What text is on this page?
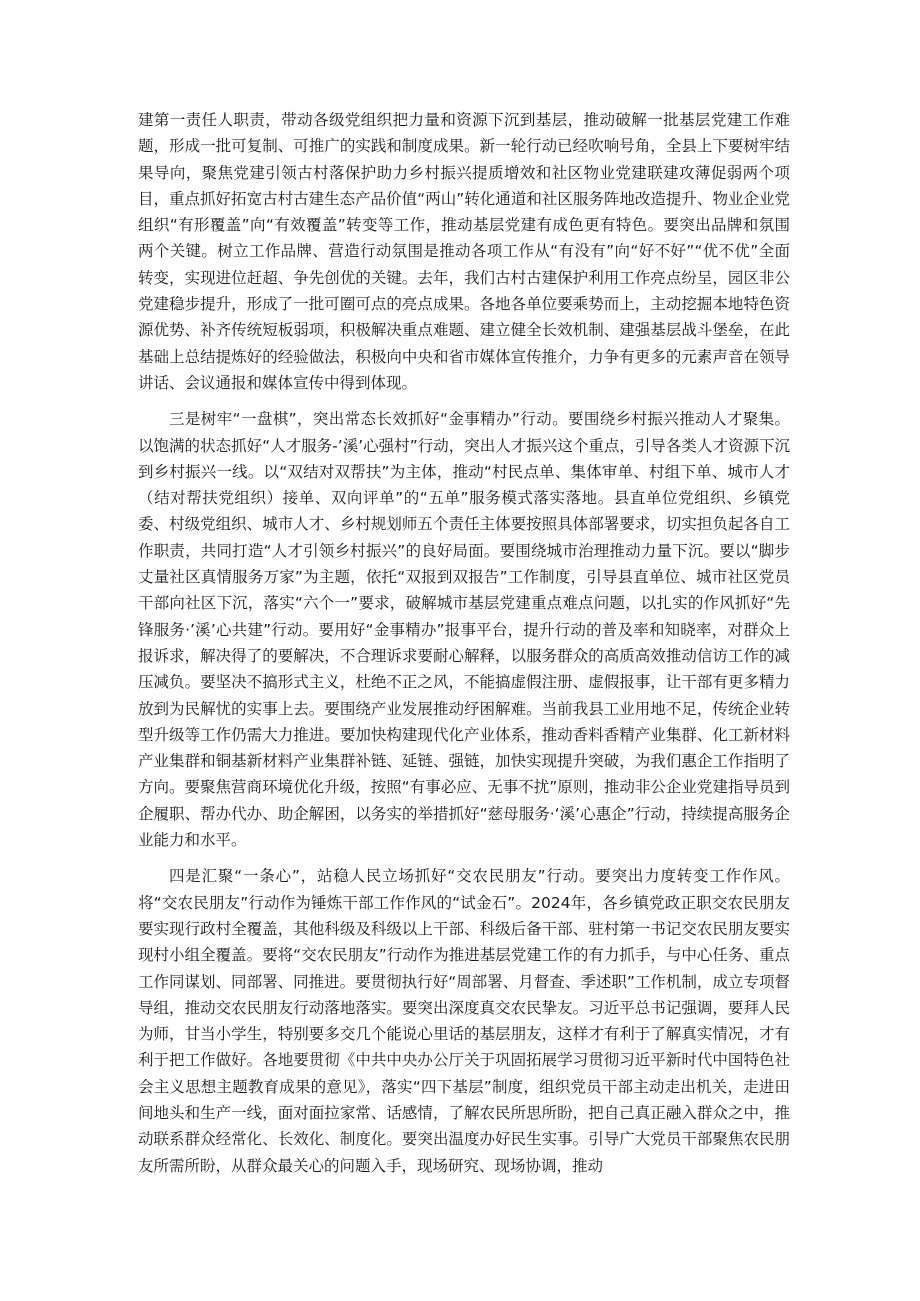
建第一责任人职责，带动各级党组织把力量和资源下沉到基层，推动破解一批基层党建工作难题，形成一批可复制、可推广的实践和制度成果。新一轮行动已经吹响号角，全县上下要树牢结果导向，聚焦党建引领古村落保护助力乡村振兴提质增效和社区物业党建联建攻薄促弱两个项目，重点抓好拓宽古村古建生态产品价值“两山”转化通道和社区服务阵地改造提升、物业企业党组织“有形覆盖”向“有效覆盖”转变等工作，推动基层党建有成色更有特色。要突出品牌和氛围两个关键。树立工作品牌、营造行动氛围是推动各项工作从“有没有”向“好不好”“优不优”全面转变，实现进位赶超、争先创优的关键。去年，我们古村古建保护利用工作亮点纷呈，园区非公党建稳步提升，形成了一批可圈可点的亮点成果。各地各单位要乘势而上，主动挖掘本地特色资源优势、补齐传统短板弱项，积极解决重点难题、建立健全长效机制、建强基层战斗堡垒，在此基础上总结提炼好的经验做法，积极向中央和省市媒体宣传推介，力争有更多的元素声音在领导讲话、会议通报和媒体宣传中得到体现。

三是树牢“一盘棋”，突出常态长效抓好“金事精办”行动。要围绕乡村振兴推动人才聚集。以饱满的状态抓好“人才服务-’溪’心强村”行动，突出人才振兴这个重点，引导各类人才资源下沉到乡村振兴一线。以“双结对双帮扶”为主体，推动“村民点单、集体审单、村组下单、城市人才（结对帮扶党组织）接单、双向评单”的“五单”服务模式落实落地。县直单位党组织、乡镇党委、村级党组织、城市人才、乡村规划师五个责任主体要按照具体部署要求，切实担负起各自工作职责，共同打造“人才引领乡村振兴”的良好局面。要围绕城市治理推动力量下沉。要以“脚步丈量社区真情服务万家”为主题，依托“双报到双报告”工作制度，引导县直单位、城市社区党员干部向社区下沉，落实“六个一”要求，破解城市基层党建重点难点问题，以扎实的作风抓好“先锋服务·’溪’心共建”行动。要用好“金事精办”报事平台，提升行动的普及率和知晓率，对群众上报诉求，解决得了的要解决，不合理诉求要耐心解释，以服务群众的高质高效推动信访工作的减压减负。要坚决不搞形式主义，杜绝不正之风，不能搞虚假注册、虚假报事，让干部有更多精力放到为民解忧的实事上去。要围绕产业发展推动纾困解难。当前我县工业用地不足，传统企业转型升级等工作仍需大力推进。要加快构建现代化产业体系，推动香料香精产业集群、化工新材料产业集群和铜基新材料产业集群补链、延链、强链，加快实现提升突破，为我们惠企工作指明了方向。要聚焦营商环境优化升级，按照“有事必应、无事不扰”原则，推动非公企业党建指导员到企履职、帮办代办、助企解困，以务实的举措抓好“慈母服务·‘溪’心惠企”行动，持续提高服务企业能力和水平。

四是汇聚“一条心”，站稳人民立场抓好“交农民朋友”行动。要突出力度转变工作作风。将“交农民朋友”行动作为锤炼干部工作作风的“试金石”。2024年，各乡镇党政正职交农民朋友要实现行政村全覆盖，其他科级及科级以上干部、科级后备干部、驻村第一书记交农民朋友要实现村小组全覆盖。要将“交农民朋友”行动作为推进基层党建工作的有力抓手，与中心任务、重点工作同谋划、同部署、同推进。要贯彻执行好“周部署、月督查、季述职”工作机制，成立专项督导组，推动交农民朋友行动落地落实。要突出深度真交农民挚友。习近平总书记强调，要拜人民为师，甘当小学生，特别要多交几个能说心里话的基层朋友，这样才有利于了解真实情况，才有利于把工作做好。各地要贯彻《中共中央办公厅关于巩固拓展学习贯彻习近平新时代中国特色社会主义思想主题教育成果的意见》，落实“四下基层”制度，组织党员干部主动走出机关，走进田间地头和生产一线，面对面拉家常、话感情，了解农民所思所盼，把自己真正融入群众之中，推动联系群众经常化、长效化、制度化。要突出温度办好民生实事。引导广大党员干部聚焦农民朋友所需所盼，从群众最关心的问题入手，现场研究、现场协调，推动
